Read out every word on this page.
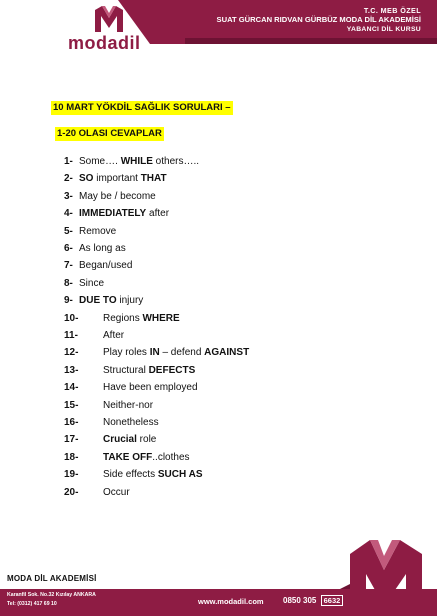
modadil
T.C. MEB ÖZEL
SUAT GÜRCAN RIDVAN GÜRBÜZ MODA DİL AKADEMİSİ
YABANCI DİL KURSU
10 MART YÖKDİL SAĞLIK SORULARI –
1-20 OLASI CEVAPLAR
1- Some…. WHILE others…..
2- SO important THAT
3- May be / become
4- IMMEDIATELY after
5- Remove
6- As long as
7- Began/used
8- Since
9- DUE TO injury
10- Regions WHERE
11-	After
12- Play roles IN – defend AGAINST
13- Structural DEFECTS
14- Have been employed
15- Neither-nor
16- Nonetheless
17- Crucial role
18- TAKE OFF..clothes
19- Side effects SUCH AS
20- Occur
MODA DİL AKADEMİSİ
Karanfil Sok. No.32 Kızılay ANKARA
Tel: (0312) 417 69 10	www.modadil.com 0850 305 6632
